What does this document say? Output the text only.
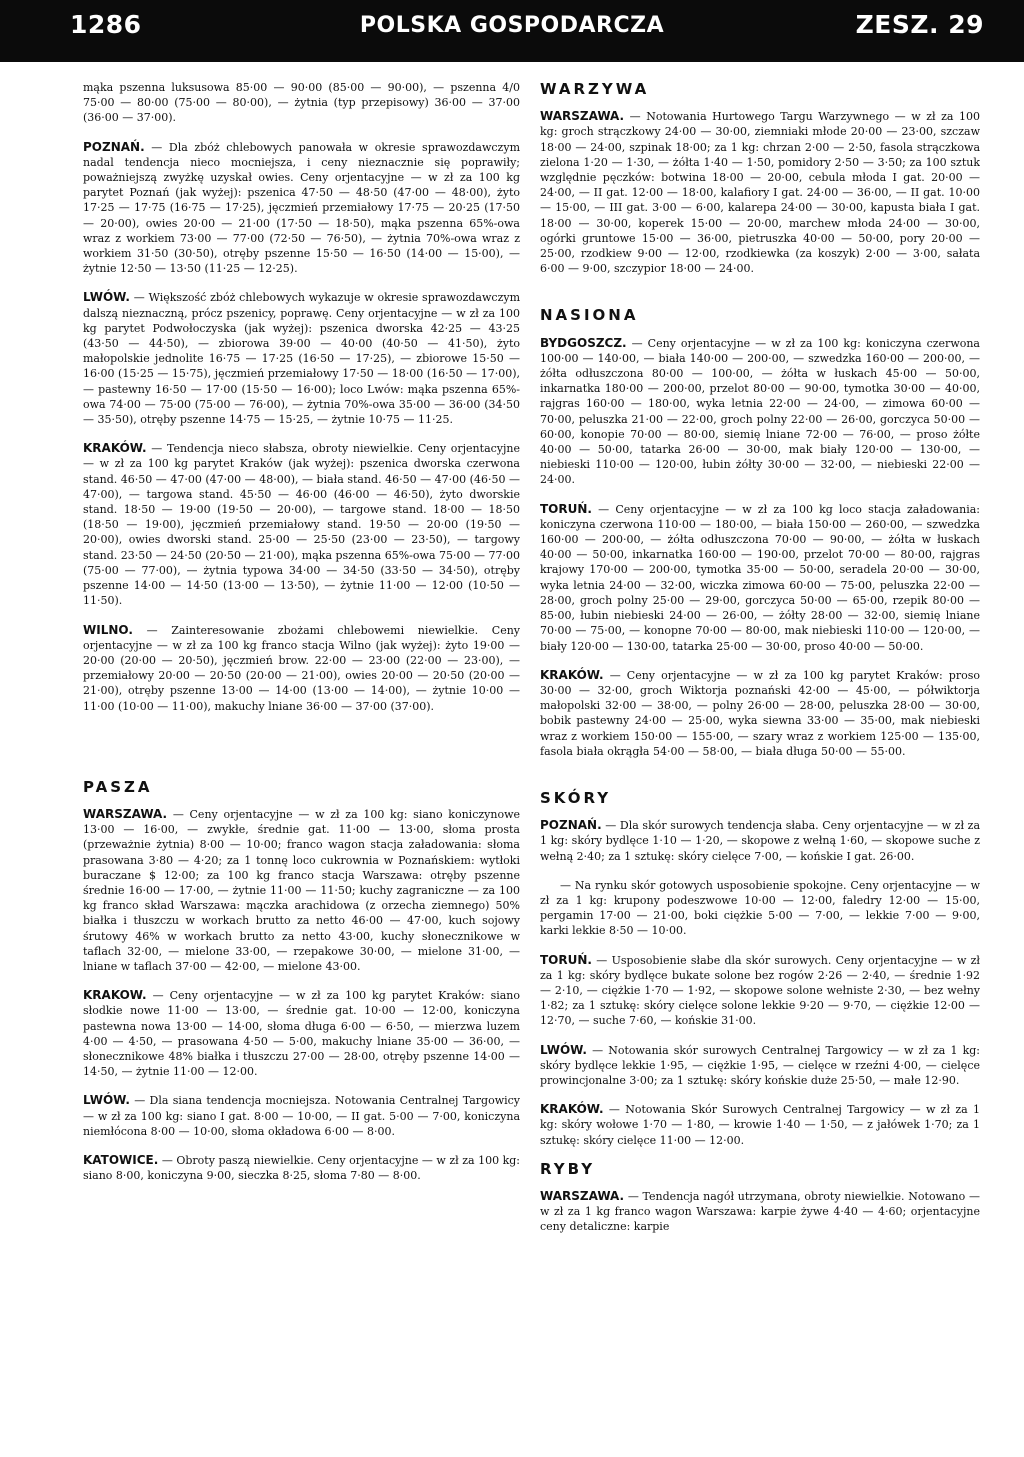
1286	POLSKA GOSPODARCZA	ZESZ. 29

mąka pszenna luksusowa 85·00 — 90·00 (85·00 — 90·00), — pszenna 4/0 75·00 — 80·00 (75·00 — 80·00), — żytnia (typ przepisowy) 36·00 — 37·00 (36·00 — 37·00).

POZNAŃ. — Dla zbóż chlebowych panowała w okresie sprawozdawczym nadal tendencja nieco mocniejsza, i ceny nieznacznie się poprawiły; poważniejszą zwyżkę uzyskał owies. Ceny orjentacyjne — w zł za 100 kg parytet Poznań (jak wyżej): pszenica 47·50 — 48·50 (47·00 — 48·00), żyto 17·25 — 17·75 (16·75 — 17·25), jęczmień przemiałowy 17·75 — 20·25 (17·50 — 20·00), owies 20·00 — 21·00 (17·50 — 18·50), mąka pszenna 65%-owa wraz z workiem 73·00 — 77·00 (72·50 — 76·50), — żytnia 70%-owa wraz z workiem 31·50 (30·50), otręby pszenne 15·50 — 16·50 (14·00 — 15·00), — żytnie 12·50 — 13·50 (11·25 — 12·25).

LWÓW. — Większość zbóż chlebowych wykazuje w okresie sprawozdawczym dalszą nieznaczną, prócz pszenicy, poprawę. Ceny orjentacyjne — w zł za 100 kg parytet Podwołoczyska (jak wyżej): pszenica dworska 42·25 — 43·25 (43·50 — 44·50), — zbiorowa 39·00 — 40·00 (40·50 — 41·50), żyto małopolskie jednolite 16·75 — 17·25 (16·50 — 17·25), — zbiorowe 15·50 — 16·00 (15·25 — 15·75), jęczmień przemiałowy 17·50 — 18·00 (16·50 — 17·00), — pastewny 16·50 — 17·00 (15·50 — 16·00); loco Lwów: mąka pszenna 65%-owa 74·00 — 75·00 (75·00 — 76·00), — żytnia 70%-owa 35·00 — 36·00 (34·50 — 35·50), otręby pszenne 14·75 — 15·25, — żytnie 10·75 — 11·25.

KRAKÓW. — Tendencja nieco słabsza, obroty niewielkie. Ceny orjentacyjne — w zł za 100 kg parytet Kraków (jak wyżej): pszenica dworska czerwona stand. 46·50 — 47·00 (47·00 — 48·00), — biała stand. 46·50 — 47·00 (46·50 — 47·00), — targowa stand. 45·50 — 46·00 (46·00 — 46·50), żyto dworskie stand. 18·50 — 19·00 (19·50 — 20·00), — targowe stand. 18·00 — 18·50 (18·50 — 19·00), jęczmień przemiałowy stand. 19·50 — 20·00 (19·50 — 20·00), owies dworski stand. 25·00 — 25·50 (23·00 — 23·50), — targowy stand. 23·50 — 24·50 (20·50 — 21·00), mąka pszenna 65%-owa 75·00 — 77·00 (75·00 — 77·00), — żytnia typowa 34·00 — 34·50 (33·50 — 34·50), otręby pszenne 14·00 — 14·50 (13·00 — 13·50), — żytnie 11·00 — 12·00 (10·50 — 11·50).

WILNO. — Zainteresowanie zbożami chlebowemi niewielkie. Ceny orjentacyjne — w zł za 100 kg franco stacja Wilno (jak wyżej): żyto 19·00 — 20·00 (20·00 — 20·50), jęczmień brow. 22·00 — 23·00 (22·00 — 23·00), — przemiałowy 20·00 — 20·50 (20·00 — 21·00), owies 20·00 — 20·50 (20·00 — 21·00), otręby pszenne 13·00 — 14·00 (13·00 — 14·00), — żytnie 10·00 — 11·00 (10·00 — 11·00), makuchy lniane 36·00 — 37·00 (37·00).

PASZA

WARSZAWA. — Ceny orjentacyjne — w zł za 100 kg: siano koniczynowe 13·00 — 16·00, — zwykłe, średnie gat. 11·00 — 13·00, słoma prosta (przeważnie żytnia) 8·00 — 10·00; franco wagon stacja załadowania: słoma prasowana 3·80 — 4·20; za 1 tonnę loco cukrownia w Poznańskiem: wytłoki buraczane $ 12·00; za 100 kg franco stacja Warszawa: otręby pszenne średnie 16·00 — 17·00, — żytnie 11·00 — 11·50; kuchy zagraniczne — za 100 kg franco skład Warszawa: mączka arachidowa (z orzecha ziemnego) 50% białka i tłuszczu w workach brutto za netto 46·00 — 47·00, kuch sojowy śrutowy 46% w workach brutto za netto 43·00, kuchy słonecznikowe w taflach 32·00, — mielone 33·00, — rzepakowe 30·00, — mielone 31·00, — lniane w taflach 37·00 — 42·00, — mielone 43·00.

KRAKOW. — Ceny orjentacyjne — w zł za 100 kg parytet Kraków: siano słodkie nowe 11·00 — 13·00, — średnie gat. 10·00 — 12·00, koniczyna pastewna nowa 13·00 — 14·00, słoma długa 6·00 — 6·50, — mierzwa luzem 4·00 — 4·50, — prasowana 4·50 — 5·00, makuchy lniane 35·00 — 36·00, — słonecznikowe 48% białka i tłuszczu 27·00 — 28·00, otręby pszenne 14·00 — 14·50, — żytnie 11·00 — 12·00.

LWÓW. — Dla siana tendencja mocniejsza. Notowania Centralnej Targowicy — w zł za 100 kg: siano I gat. 8·00 — 10·00, — II gat. 5·00 — 7·00, koniczyna niemłócona 8·00 — 10·00, słoma okładowa 6·00 — 8·00.

KATOWICE. — Obroty paszą niewielkie. Ceny orjentacyjne — w zł za 100 kg: siano 8·00, koniczyna 9·00, sieczka 8·25, słoma 7·80 — 8·00.

WARZYWA

WARSZAWA. — Notowania Hurtowego Targu Warzywnego — w zł za 100 kg: groch strączkowy 24·00 — 30·00, ziemniaki młode 20·00 — 23·00, szczaw 18·00 — 24·00, szpinak 18·00; za 1 kg: chrzan 2·00 — 2·50, fasola strączkowa zielona 1·20 — 1·30, — żółta 1·40 — 1·50, pomidory 2·50 — 3·50; za 100 sztuk względnie pęczków: botwina 18·00 — 20·00, cebula młoda I gat. 20·00 — 24·00, — II gat. 12·00 — 18·00, kalafiory I gat. 24·00 — 36·00, — II gat. 10·00 — 15·00, — III gat. 3·00 — 6·00, kalarepa 24·00 — 30·00, kapusta biała I gat. 18·00 — 30·00, koperek 15·00 — 20·00, marchew młoda 24·00 — 30·00, ogórki gruntowe 15·00 — 36·00, pietruszka 40·00 — 50·00, pory 20·00 — 25·00, rzodkiew 9·00 — 12·00, rzodkiewka (za koszyk) 2·00 — 3·00, sałata 6·00 — 9·00, szczypior 18·00 — 24·00.

NASIONA

BYDGOSZCZ. — Ceny orjentacyjne — w zł za 100 kg: koniczyna czerwona 100·00 — 140·00, — biała 140·00 — 200·00, — szwedzka 160·00 — 200·00, — żółta odłuszczona 80·00 — 100·00, — żółta w łuskach 45·00 — 50·00, inkarnatka 180·00 — 200·00, przelot 80·00 — 90·00, tymotka 30·00 — 40·00, rajgras 160·00 — 180·00, wyka letnia 22·00 — 24·00, — zimowa 60·00 — 70·00, peluszka 21·00 — 22·00, groch polny 22·00 — 26·00, gorczyca 50·00 — 60·00, konopie 70·00 — 80·00, siemię lniane 72·00 — 76·00, — proso żółte 40·00 — 50·00, tatarka 26·00 — 30·00, mak biały 120·00 — 130·00, — niebieski 110·00 — 120·00, łubin żółty 30·00 — 32·00, — niebieski 22·00 — 24·00.

TORUŃ. — Ceny orjentacyjne — w zł za 100 kg loco stacja załadowania: koniczyna czerwona 110·00 — 180·00, — biała 150·00 — 260·00, — szwedzka 160·00 — 200·00, — żółta odłuszczona 70·00 — 90·00, — żółta w łuskach 40·00 — 50·00, inkarnatka 160·00 — 190·00, przelot 70·00 — 80·00, rajgras krajowy 170·00 — 200·00, tymotka 35·00 — 50·00, seradela 20·00 — 30·00, wyka letnia 24·00 — 32·00, wiczka zimowa 60·00 — 75·00, peluszka 22·00 — 28·00, groch polny 25·00 — 29·00, gorczyca 50·00 — 65·00, rzepik 80·00 — 85·00, łubin niebieski 24·00 — 26·00, — żółty 28·00 — 32·00, siemię lniane 70·00 — 75·00, — konopne 70·00 — 80·00, mak niebieski 110·00 — 120·00, — biały 120·00 — 130·00, tatarka 25·00 — 30·00, proso 40·00 — 50·00.

KRAKÓW. — Ceny orjentacyjne — w zł za 100 kg parytet Kraków: proso 30·00 — 32·00, groch Wiktorja poznański 42·00 — 45·00, — półwiktorja małopolski 32·00 — 38·00, — polny 26·00 — 28·00, peluszka 28·00 — 30·00, bobik pastewny 24·00 — 25·00, wyka siewna 33·00 — 35·00, mak niebieski wraz z workiem 150·00 — 155·00, — szary wraz z workiem 125·00 — 135·00, fasola biała okrągła 54·00 — 58·00, — biała długa 50·00 — 55·00.

SKÓRY

POZNAŃ. — Dla skór surowych tendencja słaba. Ceny orjentacyjne — w zł za 1 kg: skóry bydlęce 1·10 — 1·20, — skopowe z wełną 1·60, — skopowe suche z wełną 2·40; za 1 sztukę: skóry cielęce 7·00, — końskie I gat. 26·00.

— Na rynku skór gotowych usposobienie spokojne. Ceny orjentacyjne — w zł za 1 kg: krupony podeszwowe 10·00 — 12·00, faledry 12·00 — 15·00, pergamin 17·00 — 21·00, boki ciężkie 5·00 — 7·00, — lekkie 7·00 — 9·00, karki lekkie 8·50 — 10·00.

TORUŃ. — Usposobienie słabe dla skór surowych. Ceny orjentacyjne — w zł za 1 kg: skóry bydlęce bukate solone bez rogów 2·26 — 2·40, — średnie 1·92 — 2·10, — ciężkie 1·70 — 1·92, — skopowe solone wełniste 2·30, — bez wełny 1·82; za 1 sztukę: skóry cielęce solone lekkie 9·20 — 9·70, — ciężkie 12·00 — 12·70, — suche 7·60, — końskie 31·00.

LWÓW. — Notowania skór surowych Centralnej Targowicy — w zł za 1 kg: skóry bydlęce lekkie 1·95, — ciężkie 1·95, — cielęce w rzeźni 4·00, — cielęce prowincjonalne 3·00; za 1 sztukę: skóry końskie duże 25·50, — małe 12·90.

KRAKÓW. — Notowania Skór Surowych Centralnej Targowicy — w zł za 1 kg: skóry wołowe 1·70 — 1·80, — krowie 1·40 — 1·50, — z jałówek 1·70; za 1 sztukę: skóry cielęce 11·00 — 12·00.

RYBY

WARSZAWA. — Tendencja nagół utrzymana, obroty niewielkie. Notowano — w zł za 1 kg franco wagon Warszawa: karpie żywe 4·40 — 4·60; orjentacyjne ceny detaliczne: karpie
